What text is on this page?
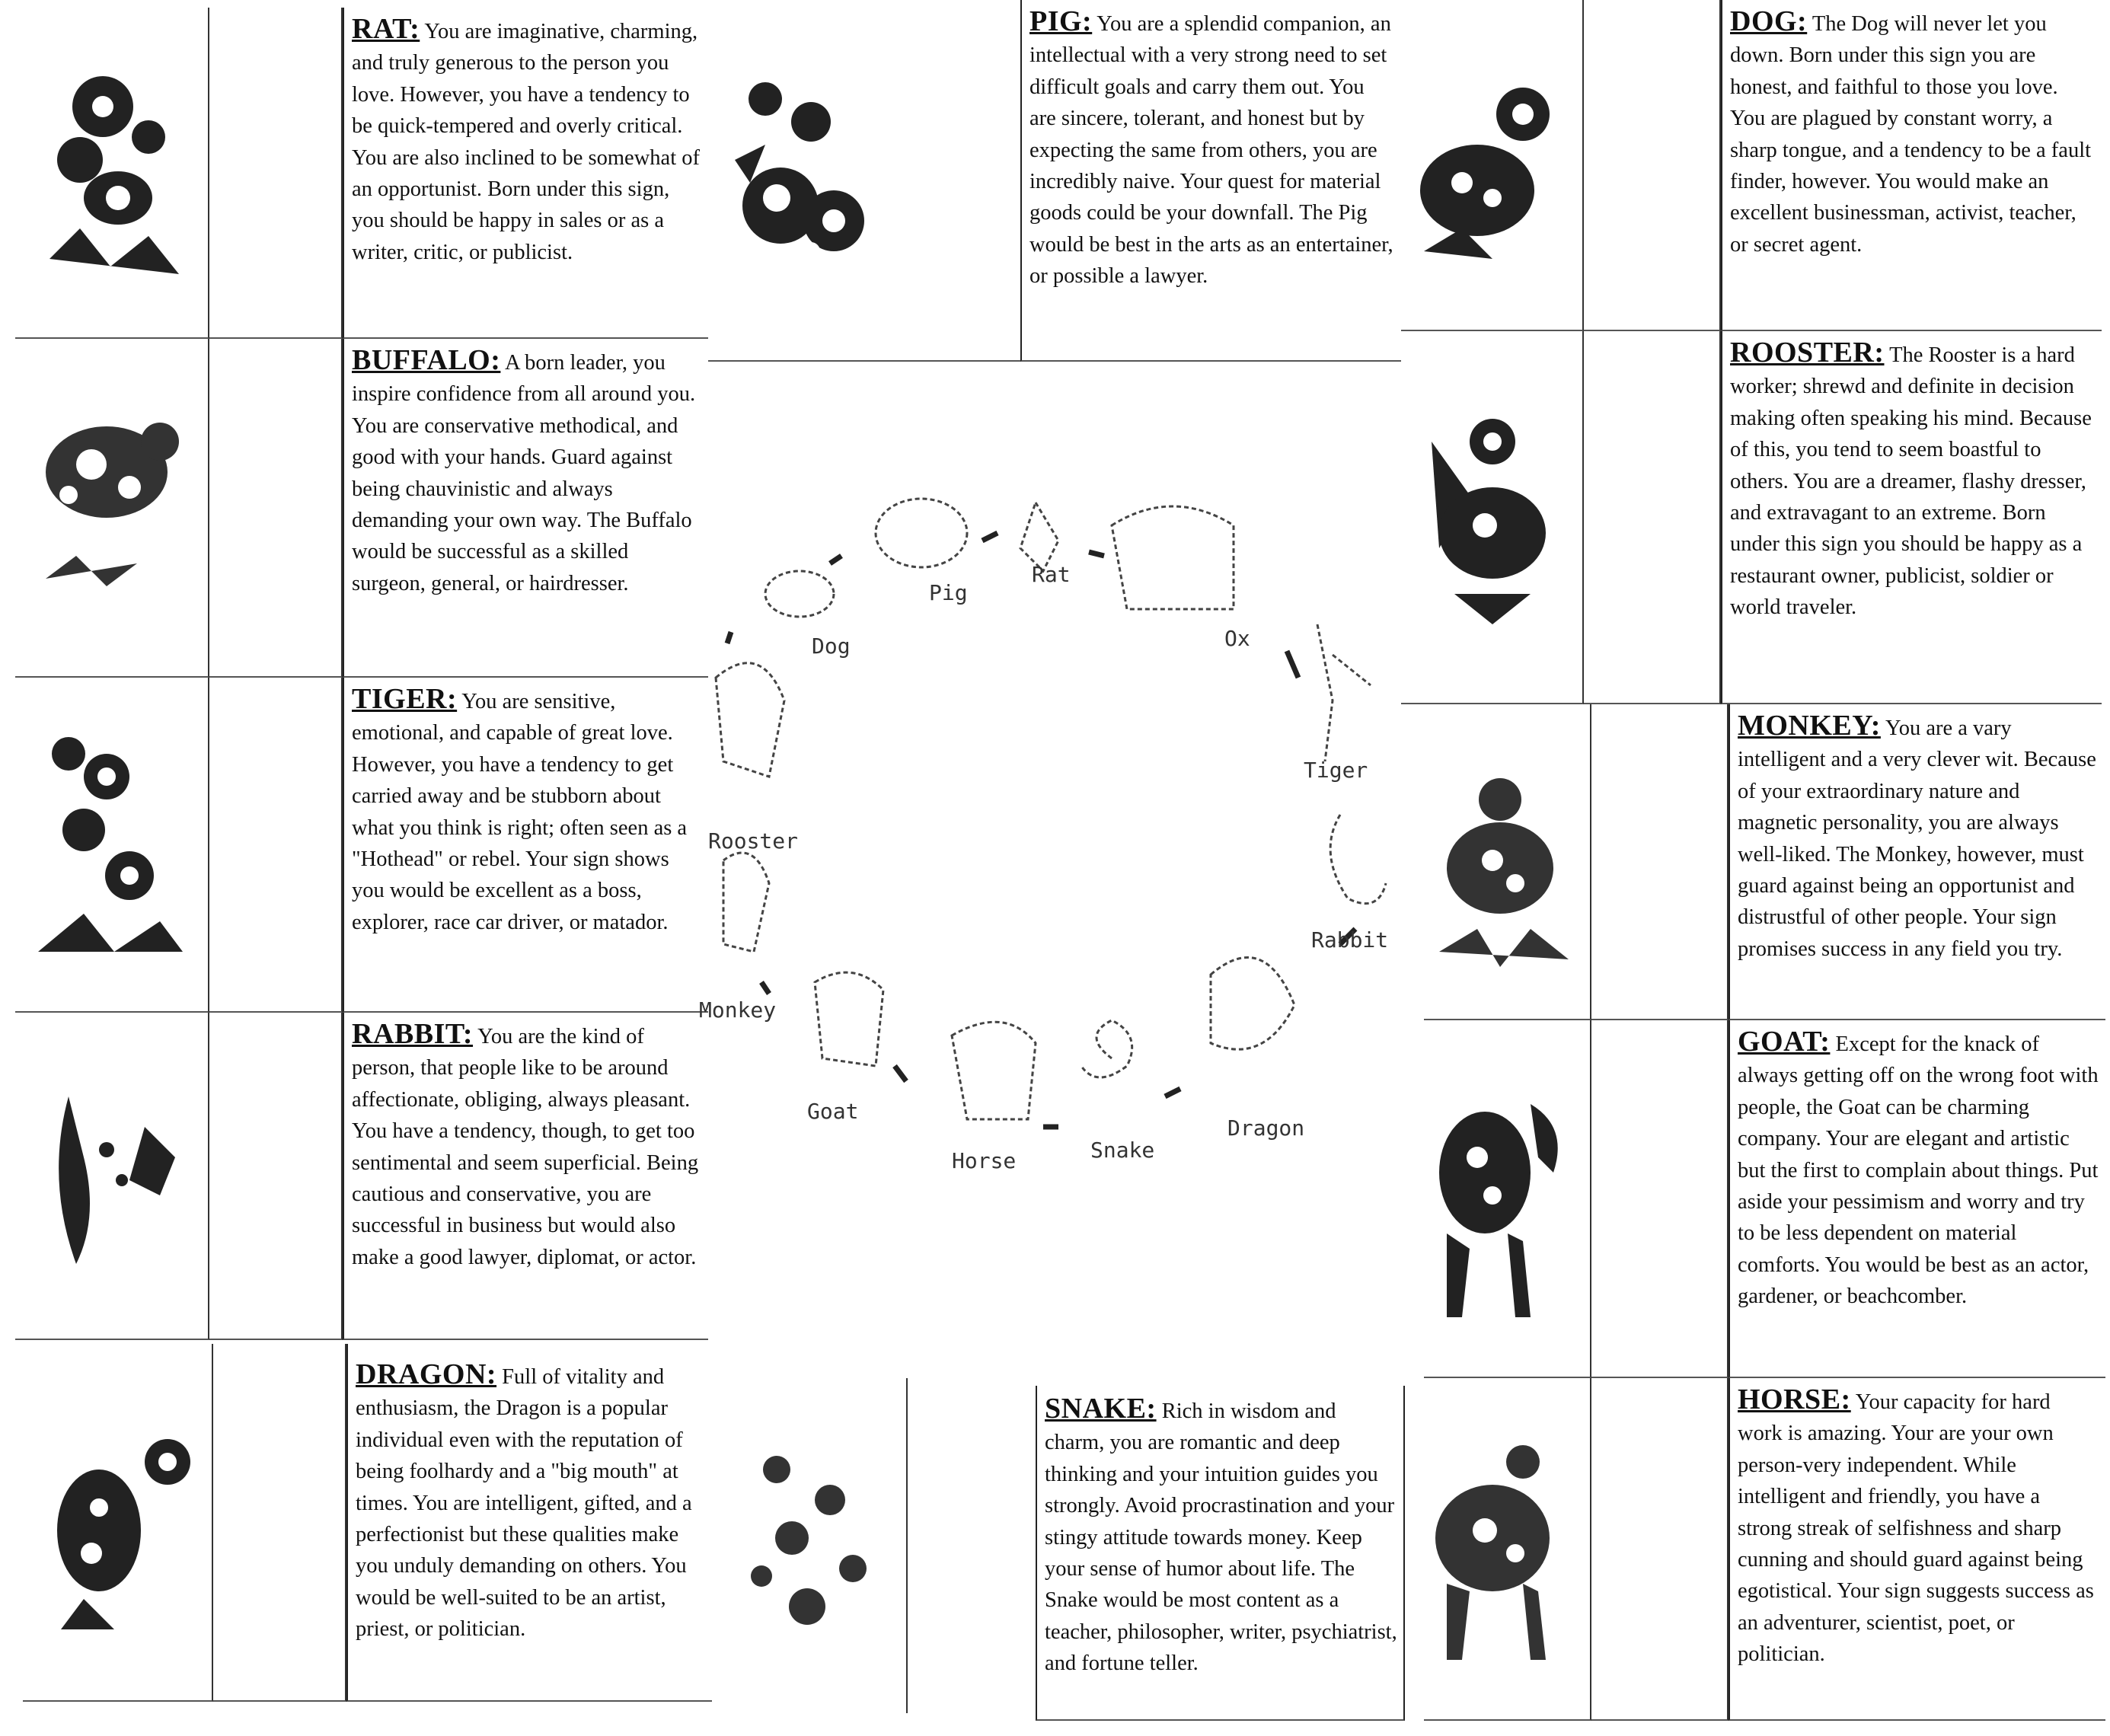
RAT: You are imaginative, charming, and truly generous to the person you love. However, you have a tendency to be quick-tempered and overly critical. You are also inclined to be somewhat of an opportunist. Born under this sign, you should be happy in sales or as a writer, critic, or publicist.
BUFFALO: A born leader, you inspire confidence from all around you. You are conservative methodical, and good with your hands. Guard against being chauvinistic and always demanding your own way. The Buffalo would be successful as a skilled surgeon, general, or hairdresser.
TIGER: You are sensitive, emotional, and capable of great love. However, you have a tendency to get carried away and be stubborn about what you think is right; often seen as a "Hothead" or rebel. Your sign shows you would be excellent as a boss, explorer, race car driver, or matador.
RABBIT: You are the kind of person, that people like to be around affectionate, obliging, always pleasant. You have a tendency, though, to get too sentimental and seem superficial. Being cautious and conservative, you are successful in business but would also make a good lawyer, diplomat, or actor.
DRAGON: Full of vitality and enthusiasm, the Dragon is a popular individual even with the reputation of being foolhardy and a "big mouth" at times. You are intelligent, gifted, and a perfectionist but these qualities make you unduly demanding on others. You would be well-suited to be an artist, priest, or politician.
PIG: You are a splendid companion, an intellectual with a very strong need to set difficult goals and carry them out. You are sincere, tolerant, and honest but by expecting the same from others, you are incredibly naive. Your quest for material goods could be your downfall. The Pig would be best in the arts as an entertainer, or possible a lawyer.
SNAKE: Rich in wisdom and charm, you are romantic and deep thinking and your intuition guides you strongly. Avoid procrastination and your stingy attitude towards money. Keep your sense of humor about life. The Snake would be most content as a teacher, philosopher, writer, psychiatrist, and fortune teller.
DOG: The Dog will never let you down. Born under this sign you are honest, and faithful to those you love. You are plagued by constant worry, a sharp tongue, and a tendency to be a fault finder, however. You would make an excellent businessman, activist, teacher, or secret agent.
ROOSTER: The Rooster is a hard worker; shrewd and definite in decision making often speaking his mind. Because of this, you tend to seem boastful to others. You are a dreamer, flashy dresser, and extravagant to an extreme. Born under this sign you should be happy as a restaurant owner, publicist, soldier or world traveler.
MONKEY: You are a vary intelligent and a very clever wit. Because of your extraordinary nature and magnetic personality, you are always well-liked. The Monkey, however, must guard against being an opportunist and distrustful of other people. Your sign promises success in any field you try.
GOAT: Except for the knack of always getting off on the wrong foot with people, the Goat can be charming company. Your are elegant and artistic but the first to complain about things. Put aside your pessimism and worry and try to be less dependent on material comforts. You would be best as an actor, gardener, or beachcomber.
HORSE: Your capacity for hard work is amazing. Your are your own person-very independent. While intelligent and friendly, you have a strong streak of selfishness and sharp cunning and should guard against being egotistical. Your sign suggests success as an adventurer, scientist, poet, or politician.
Rat
Pig
Ox
Dog
Tiger
Rooster
Rabbit
Monkey
Goat
Dragon
Snake
Horse
